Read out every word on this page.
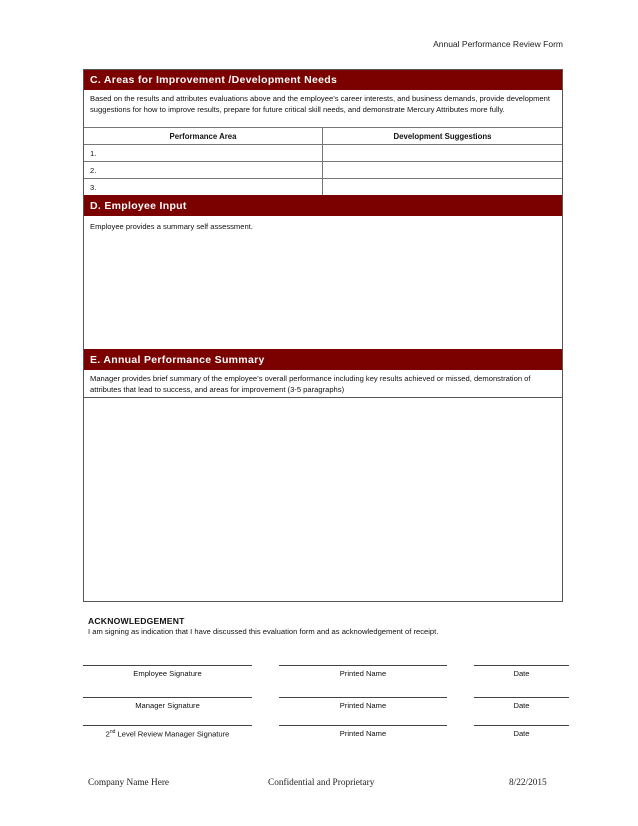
Annual Performance Review Form
C. Areas for Improvement /Development Needs
Based on the results and attributes evaluations above and the employee’s career interests, and business demands, provide development suggestions for how to improve results, prepare for future critical skill needs, and demonstrate Mercury Attributes more fully.
Performance Area	Development Suggestions
1.
2.
3.
D. Employee Input
Employee provides a summary self assessment.
E. Annual Performance Summary
Manager provides brief summary of the employee’s overall performance including key results achieved or missed, demonstration of attributes that lead to success, and areas for improvement (3-5 paragraphs)
ACKNOWLEDGEMENT
I am signing as indication that I have discussed this evaluation form and as acknowledgement of receipt.
Employee Signature	Printed Name	Date
Manager Signature	Printed Name	Date
2nd Level Review Manager Signature	Printed Name	Date
Company Name Here	Confidential and Proprietary	8/22/2015
